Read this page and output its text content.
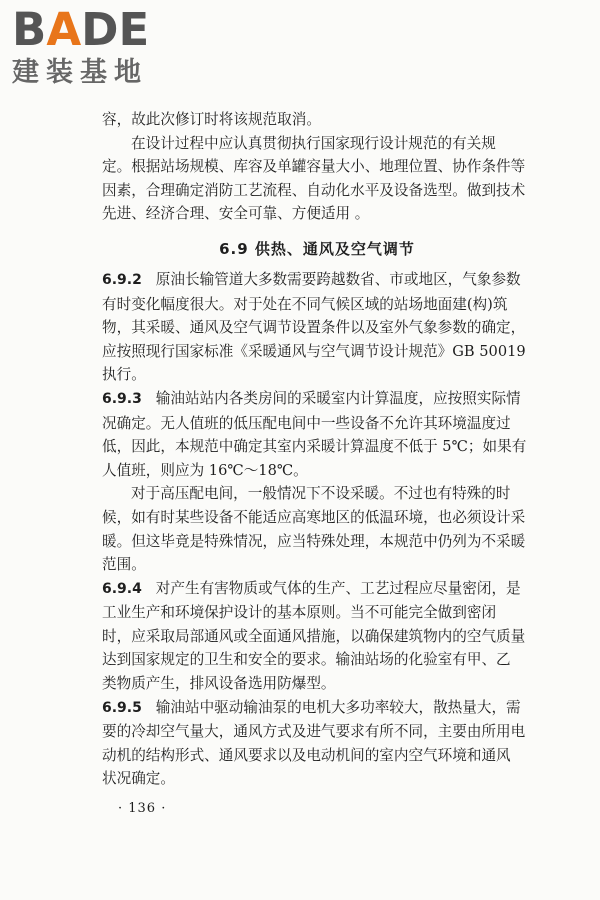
BADE
建装基地
容，故此次修订时将该规范取消。
在设计过程中应认真贯彻执行国家现行设计规范的有关规
定。根据站场规模、库容及单罐容量大小、地理位置、协作条件等
因素，合理确定消防工艺流程、自动化水平及设备选型。做到技术
先进、经济合理、安全可靠、方便适用 。
6.9 供热、通风及空气调节
6.9.2 原油长输管道大多数需要跨越数省、市或地区，气象参数
有时变化幅度很大。对于处在不同气候区域的站场地面建(构)筑
物，其采暖、通风及空气调节设置条件以及室外气象参数的确定，
应按照现行国家标准《采暖通风与空气调节设计规范》GB 50019
执行。
6.9.3 输油站站内各类房间的采暖室内计算温度，应按照实际情
况确定。无人值班的低压配电间中一些设备不允许其环境温度过
低，因此，本规范中确定其室内采暖计算温度不低于 5℃；如果有
人值班，则应为 16℃～18℃。
对于高压配电间，一般情况下不设采暖。不过也有特殊的时
候，如有时某些设备不能适应高寒地区的低温环境，也必须设计采
暖。但这毕竟是特殊情况，应当特殊处理，本规范中仍列为不采暖
范围。
6.9.4 对产生有害物质或气体的生产、工艺过程应尽量密闭，是
工业生产和环境保护设计的基本原则。当不可能完全做到密闭
时，应采取局部通风或全面通风措施，以确保建筑物内的空气质量
达到国家规定的卫生和安全的要求。输油站场的化验室有甲、乙
类物质产生，排风设备选用防爆型。
6.9.5 输油站中驱动输油泵的电机大多功率较大，散热量大，需
要的冷却空气量大，通风方式及进气要求有所不同，主要由所用电
动机的结构形式、通风要求以及电动机间的室内空气环境和通风
状况确定。
· 136 ·
